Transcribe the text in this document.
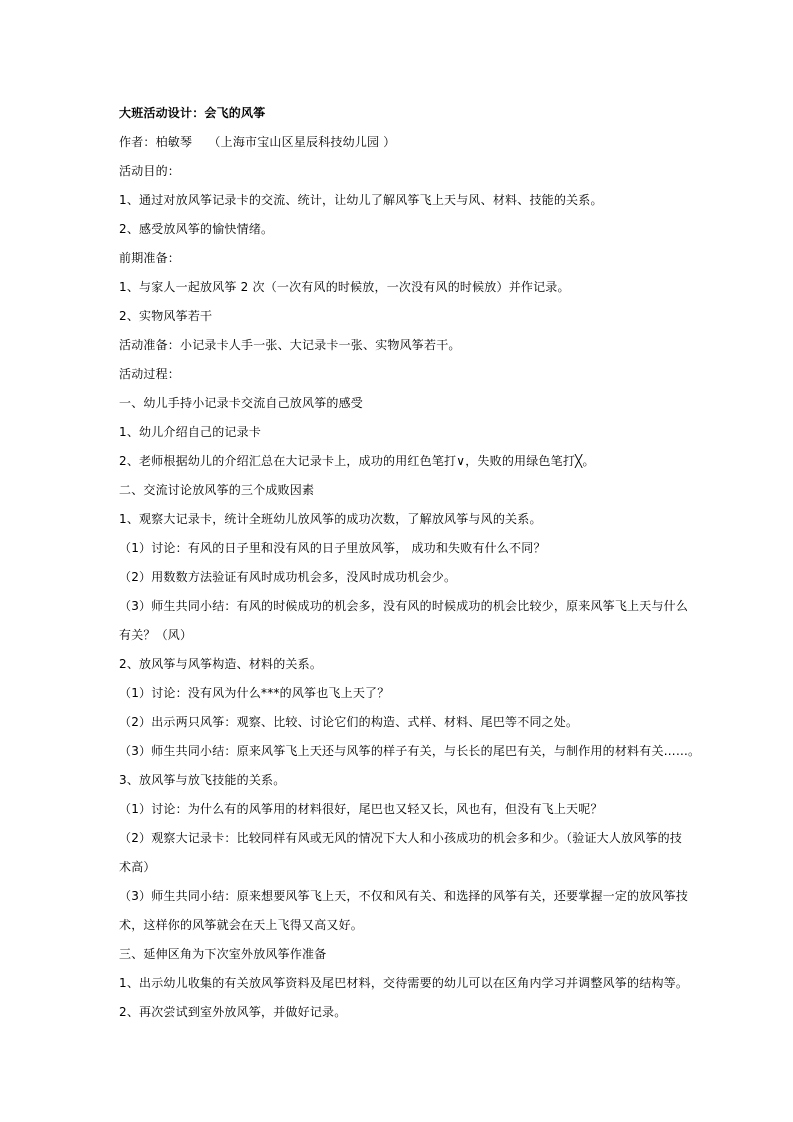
大班活动设计：会飞的风筝
作者：柏敏琴　 （上海市宝山区星辰科技幼儿园 ）
活动目的：
1、通过对放风筝记录卡的交流、统计，让幼儿了解风筝飞上天与风、材料、技能的关系。
2、感受放风筝的愉快情绪。
前期准备：
1、与家人一起放风筝 2 次（一次有风的时候放，一次没有风的时候放）并作记录。
2、实物风筝若干
活动准备：小记录卡人手一张、大记录卡一张、实物风筝若干。
活动过程：
一、幼儿手持小记录卡交流自己放风筝的感受
1、幼儿介绍自己的记录卡
2、老师根据幼儿的介绍汇总在大记录卡上，成功的用红色笔打∨，失败的用绿色笔打╳。
二、交流讨论放风筝的三个成败因素
1、观察大记录卡，统计全班幼儿放风筝的成功次数，了解放风筝与风的关系。
（1）讨论：有风的日子里和没有风的日子里放风筝， 成功和失败有什么不同？
（2）用数数方法验证有风时成功机会多，没风时成功机会少。
（3）师生共同小结：有风的时候成功的机会多，没有风的时候成功的机会比较少，原来风筝飞上天与什么
有关？（风）
2、放风筝与风筝构造、材料的关系。
（1）讨论：没有风为什么***的风筝也飞上天了？
（2）出示两只风筝：观察、比较、讨论它们的构造、式样、材料、尾巴等不同之处。
（3）师生共同小结：原来风筝飞上天还与风筝的样子有关，与长长的尾巴有关，与制作用的材料有关……。
3、放风筝与放飞技能的关系。
（1）讨论：为什么有的风筝用的材料很好，尾巴也又轻又长，风也有，但没有飞上天呢？
（2）观察大记录卡：比较同样有风或无风的情况下大人和小孩成功的机会多和少。（验证大人放风筝的技
术高）
（3）师生共同小结：原来想要风筝飞上天，不仅和风有关、和选择的风筝有关，还要掌握一定的放风筝技
术，这样你的风筝就会在天上飞得又高又好。
三、延伸区角为下次室外放风筝作准备
1、出示幼儿收集的有关放风筝资料及尾巴材料，交待需要的幼儿可以在区角内学习并调整风筝的结构等。
2、再次尝试到室外放风筝，并做好记录。
